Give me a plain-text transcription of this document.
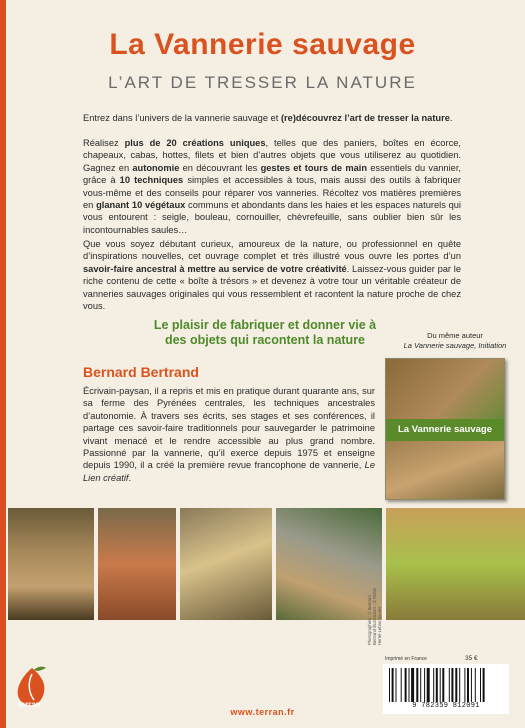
La Vannerie sauvage
L’ART DE TRESSER LA NATURE
Entrez dans l’univers de la vannerie sauvage et (re)découvrez l’art de tresser la nature.
Réalisez plus de 20 créations uniques, telles que des paniers, boîtes en écorce, chapeaux, cabas, hottes, filets et bien d’autres objets que vous utiliserez au quotidien. Gagnez en autonomie en découvrant les gestes et tours de main essentiels du vannier, grâce à 10 techniques simples et accessibles à tous, mais aussi des outils à fabriquer vous-même et des conseils pour réparer vos vanneries. Récoltez vos matières premières en glanant 10 végétaux communs et abondants dans les haies et les espaces naturels qui vous entourent : seigle, bouleau, cornouiller, chèvrefeuille, sans oublier bien sûr les incontournables saules…
Que vous soyez débutant curieux, amoureux de la nature, ou professionnel en quête d’inspirations nouvelles, cet ouvrage complet et très illustré vous ouvre les portes d’un savoir-faire ancestral à mettre au service de votre créativité. Laissez-vous guider par le riche contenu de cette « boîte à trésors » et devenez à votre tour un véritable créateur de vanneries sauvages originales qui vous ressemblent et racontent la nature proche de chez vous.
Le plaisir de fabriquer et donner vie à des objets qui racontent la nature
Bernard Bertrand
Écrivain-paysan, il a repris et mis en pratique durant quarante ans, sur sa ferme des Pyrénées centrales, les techniques ancestrales d’autonomie. À travers ses écrits, ses stages et ses conférences, il partage ces savoir-faire traditionnels pour sauvegarder le patrimoine vivant menacé et le rendre accessible au plus grand nombre. Passionné par la vannerie, qu’il exerce depuis 1975 et enseigne depuis 1990, il a créé la première revue francophone de vannerie, Le Lien créatif.
Du même auteur
La Vannerie sauvage, Initiation
La Vannerie sauvage
terran
www.terran.fr
Photographies : © Bernard Bertrand Illustrations : © Robin Hertel-Lebas-Soulier
Imprimé en France	35 €
9 782359 812091
